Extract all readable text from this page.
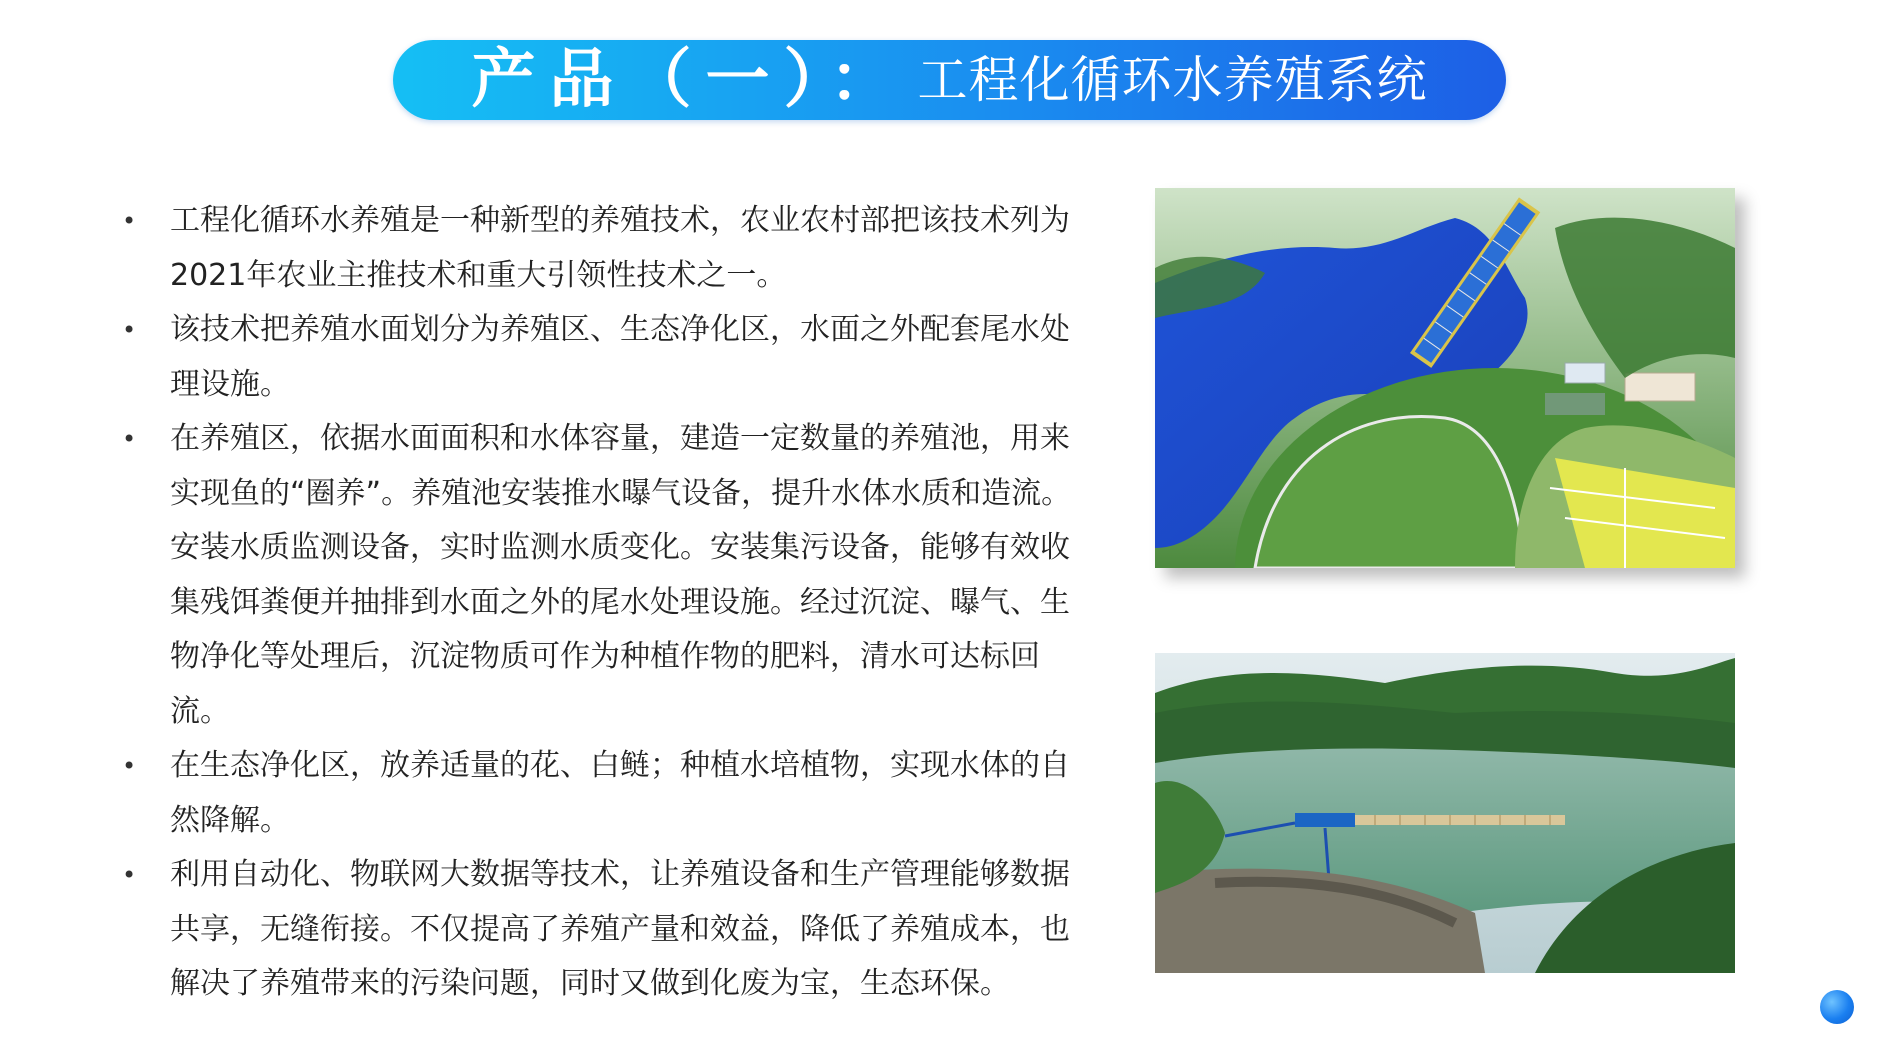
产品（一）： 工程化循环水养殖系统
• 工程化循环水养殖是一种新型的养殖技术，农业农村部把该技术列为2021年农业主推技术和重大引领性技术之一。
• 该技术把养殖水面划分为养殖区、生态净化区，水面之外配套尾水处理设施。
• 在养殖区，依据水面面积和水体容量，建造一定数量的养殖池，用来实现鱼的“圈养”。养殖池安装推水曝气设备，提升水体水质和造流。安装水质监测设备，实时监测水质变化。安装集污设备，能够有效收集残饵粪便并抽排到水面之外的尾水处理设施。经过沉淀、曝气、生物净化等处理后，沉淀物质可作为种植作物的肥料，清水可达标回流。
• 在生态净化区，放养适量的花、白鲢；种植水培植物，实现水体的自然降解。
• 利用自动化、物联网大数据等技术，让养殖设备和生产管理能够数据共享，无缝衔接。不仅提高了养殖产量和效益，降低了养殖成本，也解决了养殖带来的污染问题，同时又做到化废为宝，生态环保。
